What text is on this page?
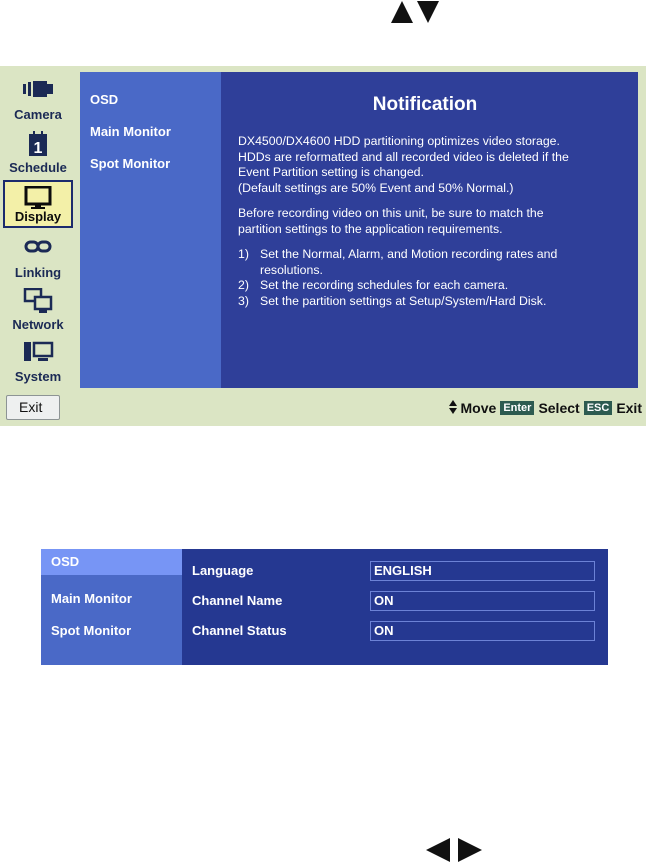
Camera
1
Schedule
Display
Linking
Network
System
OSD
Main Monitor
Spot Monitor
Notification

DX4500/DX4600 HDD partitioning optimizes video storage.
HDDs are reformatted and all recorded video is deleted if the
Event Partition setting is changed.
(Default settings are 50% Event and 50% Normal.)

Before recording video on this unit, be sure to match the
partition settings to the application requirements.

1) Set the Normal, Alarm, and Motion recording rates and
resolutions.
2) Set the recording schedules for each camera.
3) Set the partition settings at Setup/System/Hard Disk.
Exit	Move Enter Select ESC Exit
OSD
Main Monitor
Spot Monitor
Language	ENGLISH
Channel Name	ON
Channel Status	ON
